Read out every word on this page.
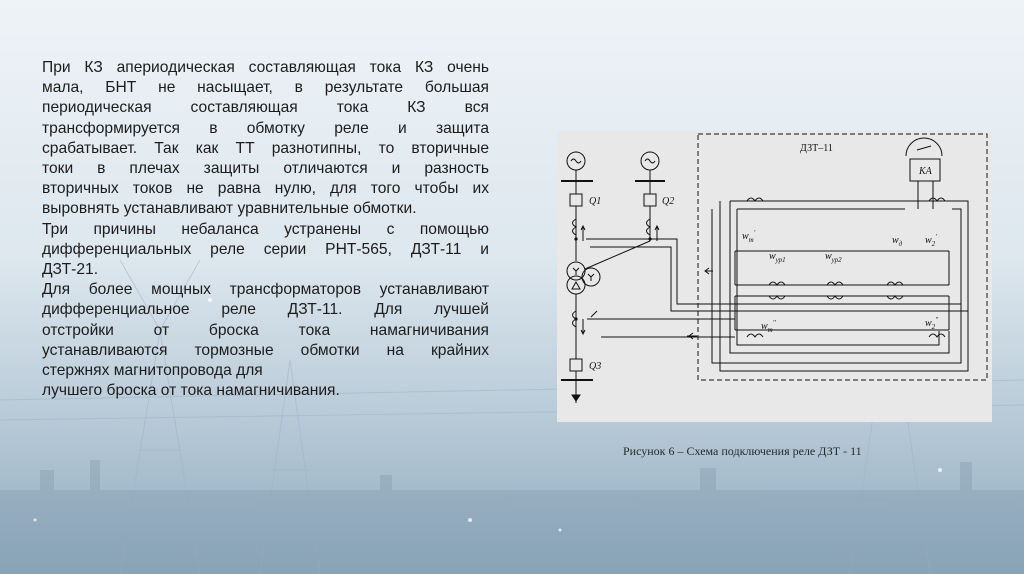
При КЗ апериодическая составляющая тока КЗ очень

мала, БНТ не насыщает, в результате большая

периодическая составляющая тока КЗ вся

трансформируется в обмотку реле и защита

срабатывает. Так как ТТ разнотипны, то вторичные

токи в плечах защиты отличаются и разность

вторичных токов не равна нулю, для того чтобы их

выровнять устанавливают уравнительные обмотки.

Три причины небаланса устранены с помощью

дифференциальных реле серии РНТ-565, ДЗТ-11 и

ДЗТ-21.

Для более мощных трансформаторов устанавливают

дифференциальное реле ДЗТ-11. Для лучшей

отстройки от броска тока намагничивания

устанавливаются тормозные обмотки на крайних

стержнях магнитопровода для

лучшего броска от тока намагничивания.

ДЗТ–11
КА
Q1	Q2
Q3
$w_т'$
$w_{ур1}$	$w_{ур2}$
$w_д$ $w_2'$
$w_т''$	$w_2''$
Рисунок 6 – Схема подключения реле ДЗТ - 11
